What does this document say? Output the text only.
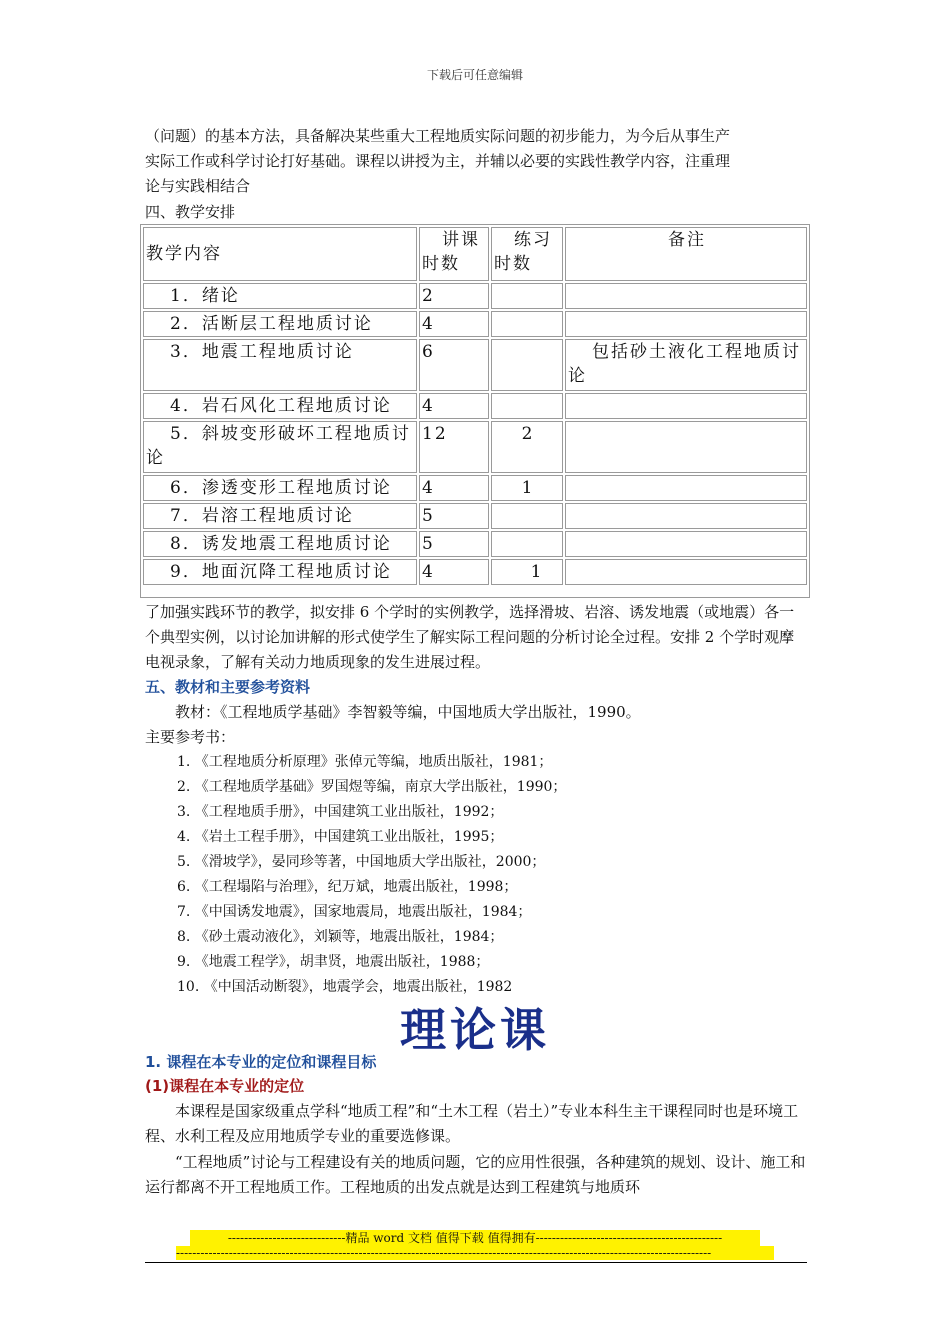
下载后可任意编辑
（问题）的基本方法，具备解决某些重大工程地质实际问题的初步能力，为今后从事生产
实际工作或科学讨论打好基础。课程以讲授为主，并辅以必要的实践性教学内容，注重理
论与实践相结合
四、教学安排
教学内容	讲课时数	练习时数	备注
1．绪论	2		
2．活断层工程地质讨论	4		
3．地震工程地质讨论	6		包括砂土液化工程地质讨论
4．岩石风化工程地质讨论	4		
5．斜坡变形破坏工程地质讨论	12	2	
6．渗透变形工程地质讨论	4	1	
7．岩溶工程地质讨论	5		
8．诱发地震工程地质讨论	5		
9．地面沉降工程地质讨论	4	1	
了加强实践环节的教学，拟安排 6 个学时的实例教学，选择滑坡、岩溶、诱发地震（或地震）各一个典型实例，以讨论加讲解的形式使学生了解实际工程问题的分析讨论全过程。安排 2 个学时观摩电视录象，了解有关动力地质现象的发生进展过程。
五、教材和主要参考资料
教材：《工程地质学基础》李智毅等编，中国地质大学出版社，1990。
主要参考书：
1. 《工程地质分析原理》张倬元等编，地质出版社，1981；
2. 《工程地质学基础》罗国煜等编，南京大学出版社，1990；
3. 《工程地质手册》，中国建筑工业出版社，1992；
4. 《岩土工程手册》，中国建筑工业出版社，1995；
5. 《滑坡学》，晏同珍等著，中国地质大学出版社，2000；
6. 《工程塌陷与治理》，纪万斌，地震出版社，1998；
7. 《中国诱发地震》，国家地震局，地震出版社，1984；
8. 《砂土震动液化》，刘颖等，地震出版社，1984；
9. 《地震工程学》，胡聿贤，地震出版社，1988；
10. 《中国活动断裂》，地震学会，地震出版社，1982
理论课
1. 课程在本专业的定位和课程目标
(1)课程在本专业的定位
本课程是国家级重点学科“地质工程”和“土木工程（岩土）”专业本科生主干课程同时也是环境工程、水利工程及应用地质学专业的重要选修课。
“工程地质”讨论与工程建设有关的地质问题，它的应用性很强，各种建筑的规划、设计、施工和运行都离不开工程地质工作。工程地质的出发点就是达到工程建筑与地质环
-----------------------------精品 word 文档 值得下载 值得拥有----------------------------------------------
------------------------------------------------------------------------------------------------------------------------------------
